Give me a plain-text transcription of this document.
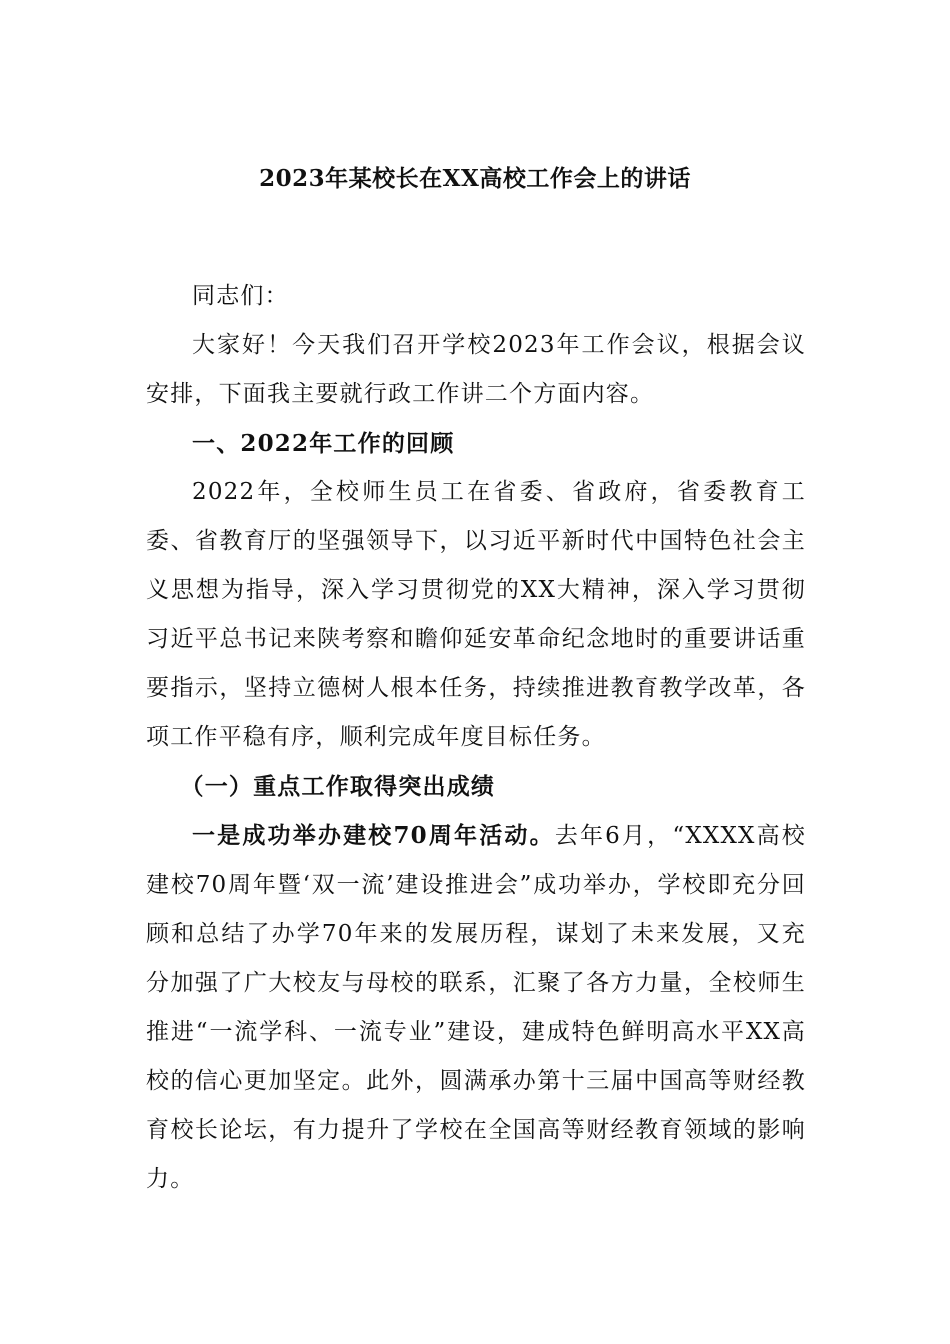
2023年某校长在XX高校工作会上的讲话

同志们：

大家好！今天我们召开学校2023年工作会议，根据会议安排，下面我主要就行政工作讲二个方面内容。

一、2022年工作的回顾

2022年，全校师生员工在省委、省政府，省委教育工委、省教育厅的坚强领导下，以习近平新时代中国特色社会主义思想为指导，深入学习贯彻党的XX大精神，深入学习贯彻习近平总书记来陕考察和瞻仰延安革命纪念地时的重要讲话重要指示，坚持立德树人根本任务，持续推进教育教学改革，各项工作平稳有序，顺利完成年度目标任务。

（一）重点工作取得突出成绩

一是成功举办建校70周年活动。去年6月，“XXXX高校建校70周年暨‘双一流’建设推进会”成功举办，学校即充分回顾和总结了办学70年来的发展历程，谋划了未来发展，又充分加强了广大校友与母校的联系，汇聚了各方力量，全校师生推进“一流学科、一流专业”建设，建成特色鲜明高水平XX高校的信心更加坚定。此外，圆满承办第十三届中国高等财经教育校长论坛，有力提升了学校在全国高等财经教育领域的影响力。
